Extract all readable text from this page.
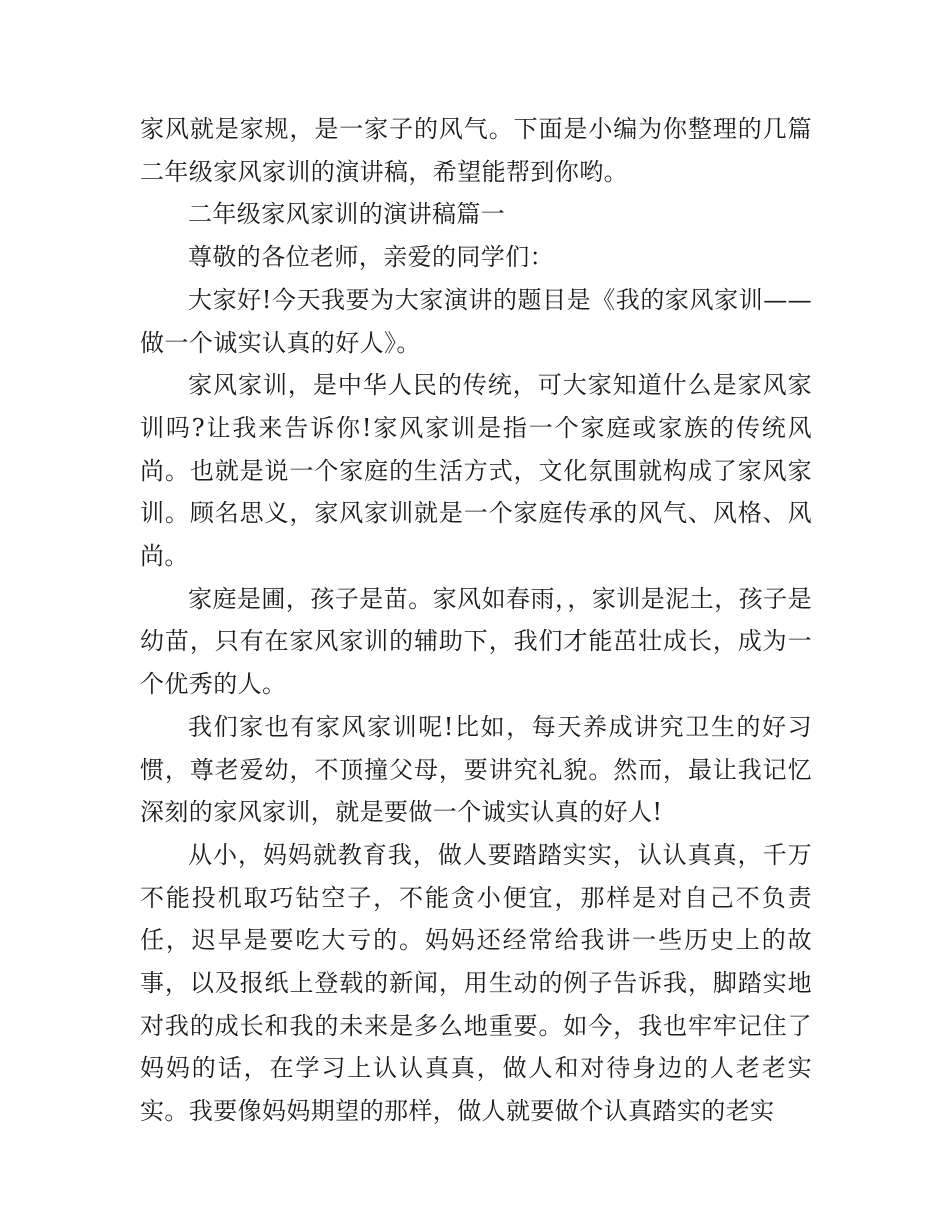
家风就是家规，是一家子的风气。下面是小编为你整理的几篇二年级家风家训的演讲稿，希望能帮到你哟。

二年级家风家训的演讲稿篇一

尊敬的各位老师，亲爱的同学们：

大家好!今天我要为大家演讲的题目是《我的家风家训——做一个诚实认真的好人》。

家风家训，是中华人民的传统，可大家知道什么是家风家训吗?让我来告诉你!家风家训是指一个家庭或家族的传统风尚。也就是说一个家庭的生活方式，文化氛围就构成了家风家训。顾名思义，家风家训就是一个家庭传承的风气、风格、风尚。

家庭是圃，孩子是苗。家风如春雨，，家训是泥土，孩子是幼苗，只有在家风家训的辅助下，我们才能茁壮成长，成为一个优秀的人。

我们家也有家风家训呢!比如，每天养成讲究卫生的好习惯，尊老爱幼，不顶撞父母，要讲究礼貌。然而，最让我记忆深刻的家风家训，就是要做一个诚实认真的好人!

从小，妈妈就教育我，做人要踏踏实实，认认真真，千万不能投机取巧钻空子，不能贪小便宜，那样是对自己不负责任，迟早是要吃大亏的。妈妈还经常给我讲一些历史上的故事，以及报纸上登载的新闻，用生动的例子告诉我，脚踏实地对我的成长和我的未来是多么地重要。如今，我也牢牢记住了妈妈的话，在学习上认认真真，做人和对待身边的人老老实实。我要像妈妈期望的那样，做人就要做个认真踏实的老实
